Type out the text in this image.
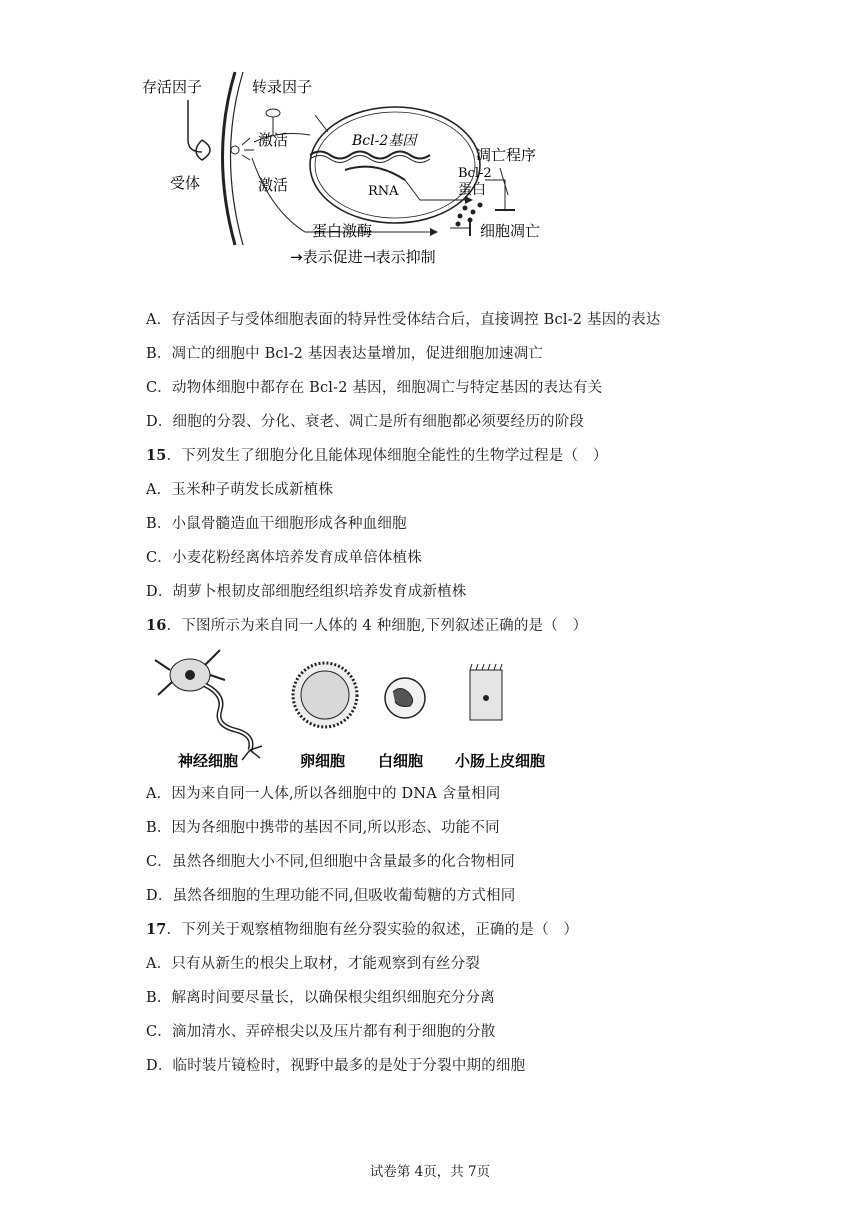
存活因子	转录因子
受体
激活
激活
Bcl-2基因
RNA
凋亡程序
Bcl-2
蛋白
蛋白激酶	细胞凋亡
→表示促进⊣表示抑制
A．存活因子与受体细胞表面的特异性受体结合后，直接调控 Bcl-2 基因的表达
B．凋亡的细胞中 Bcl-2 基因表达量增加，促进细胞加速凋亡
C．动物体细胞中都存在 Bcl-2 基因，细胞凋亡与特定基因的表达有关
D．细胞的分裂、分化、衰老、凋亡是所有细胞都必须要经历的阶段
15．下列发生了细胞分化且能体现体细胞全能性的生物学过程是（　）
A．玉米种子萌发长成新植株
B．小鼠骨髓造血干细胞形成各种血细胞
C．小麦花粉经离体培养发育成单倍体植株
D．胡萝卜根韧皮部细胞经组织培养发育成新植株
16．下图所示为来自同一人体的 4 种细胞,下列叙述正确的是（　）
神经细胞	卵细胞 白细胞 小肠上皮细胞
A．因为来自同一人体,所以各细胞中的 DNA 含量相同
B．因为各细胞中携带的基因不同,所以形态、功能不同
C．虽然各细胞大小不同,但细胞中含量最多的化合物相同
D．虽然各细胞的生理功能不同,但吸收葡萄糖的方式相同
17．下列关于观察植物细胞有丝分裂实验的叙述，正确的是（　）
A．只有从新生的根尖上取材，才能观察到有丝分裂
B．解离时间要尽量长，以确保根尖组织细胞充分分离
C．滴加清水、弄碎根尖以及压片都有利于细胞的分散
D．临时装片镜检时，视野中最多的是处于分裂中期的细胞
试卷第 4页，共 7页
